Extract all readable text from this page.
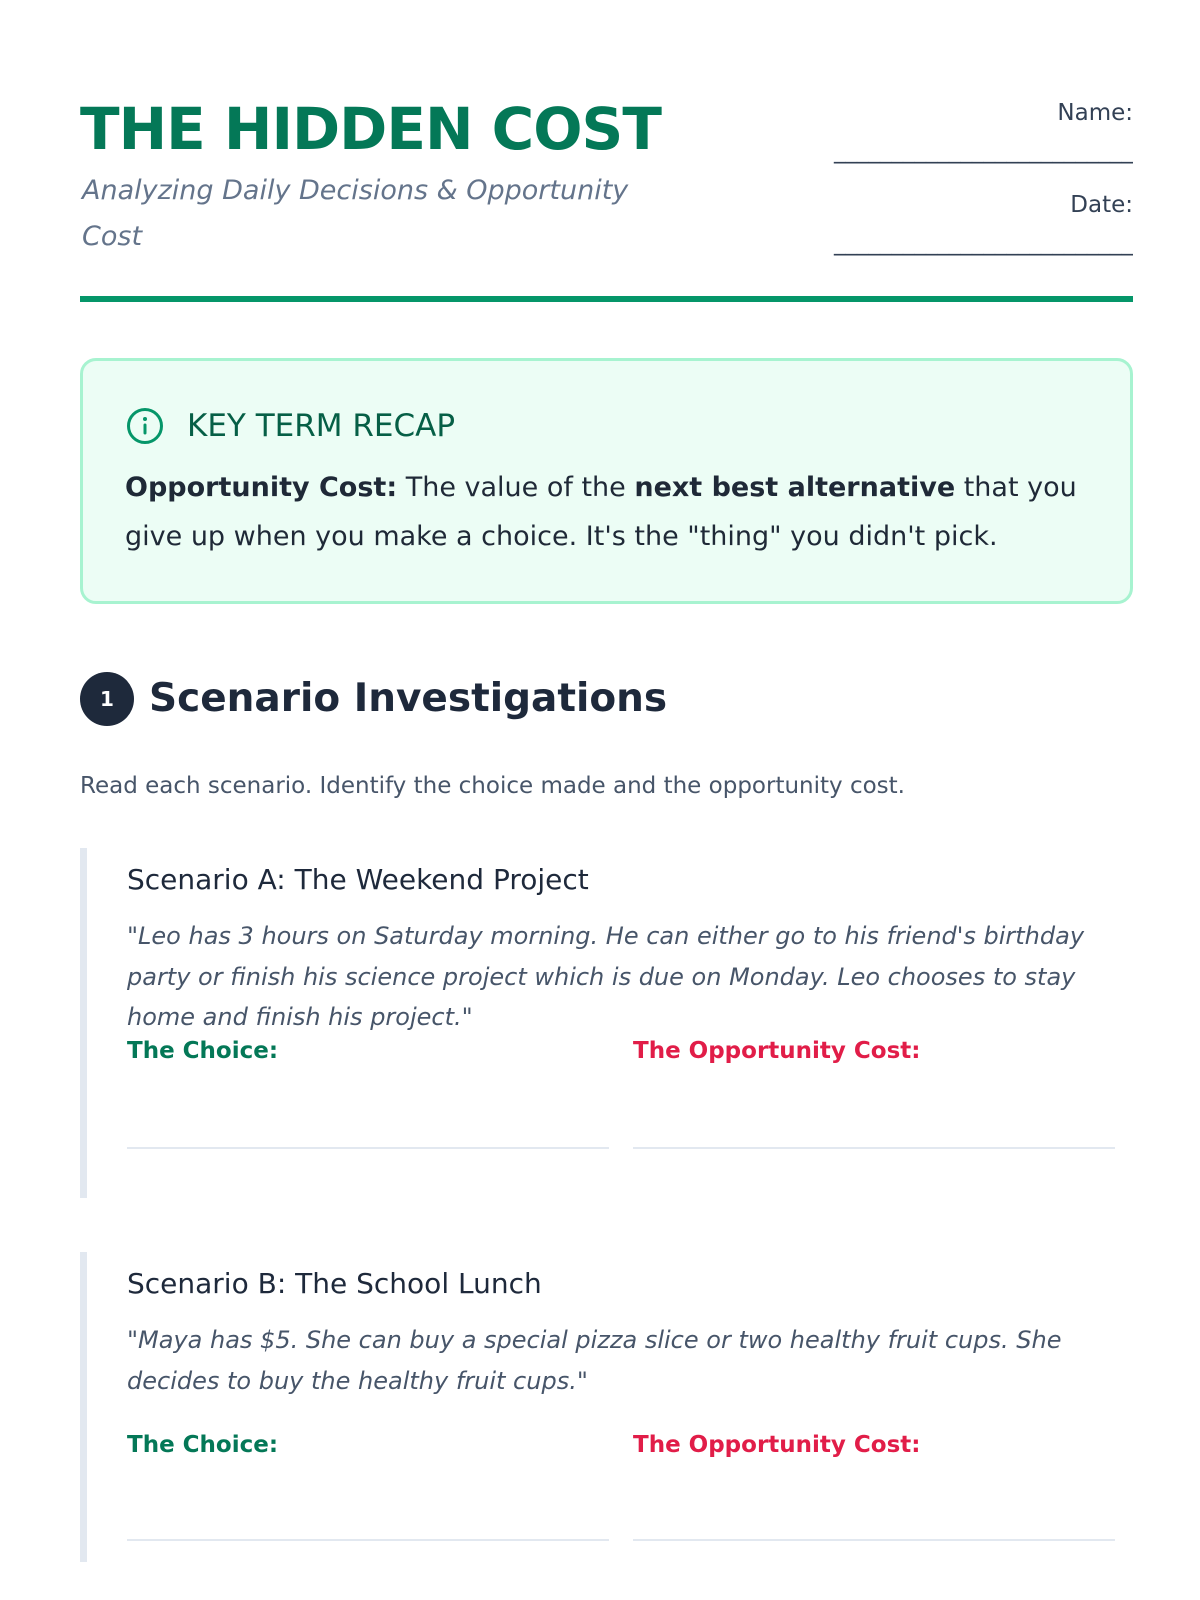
THE HIDDEN COST

Analyzing Daily Decisions & Opportunity Cost

Name:
__________________________
Date:
__________________________
KEY TERM RECAP

Opportunity Cost: The value of the next best alternative that you give up when you make a choice. It's the "thing" you didn't pick.

1 Scenario Investigations

Read each scenario. Identify the choice made and the opportunity cost.

Scenario A: The Weekend Project

"Leo has 3 hours on Saturday morning. He can either go to his friend's birthday party or finish his science project which is due on Monday. Leo chooses to stay home and finish his project."

The Choice:	The Opportunity Cost:
Scenario B: The School Lunch

"Maya has $5. She can buy a special pizza slice or two healthy fruit cups. She decides to buy the healthy fruit cups."

The Choice:	The Opportunity Cost:
